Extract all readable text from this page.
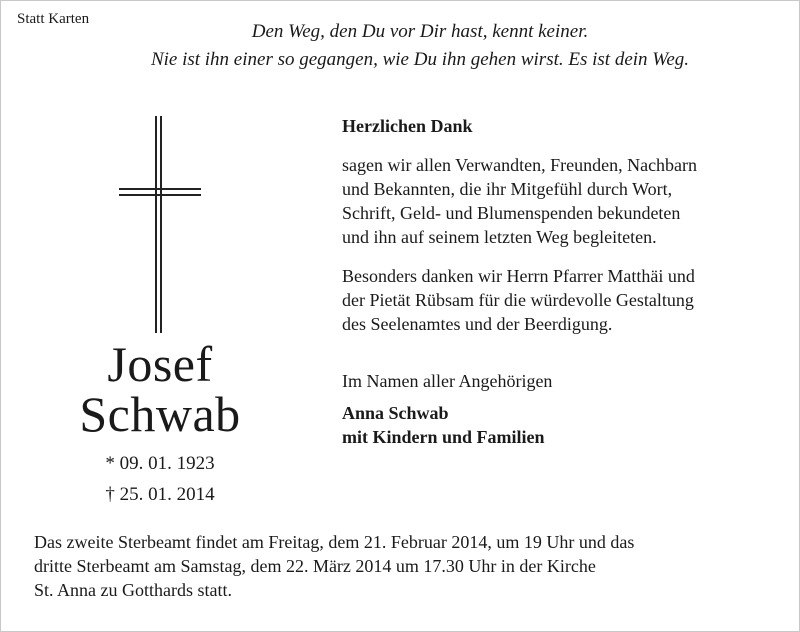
Statt Karten
Den Weg, den Du vor Dir hast, kennt keiner.
Nie ist ihn einer so gegangen, wie Du ihn gehen wirst. Es ist dein Weg.
Josef
Schwab
* 09. 01. 1923
† 25. 01. 2014
Herzlichen Dank
sagen wir allen Verwandten, Freunden, Nachbarn
und Bekannten, die ihr Mitgefühl durch Wort,
Schrift, Geld- und Blumenspenden bekundeten
und ihn auf seinem letzten Weg begleiteten.
Besonders danken wir Herrn Pfarrer Matthäi und
der Pietät Rübsam für die würdevolle Gestaltung
des Seelenamtes und der Beerdigung.
Im Namen aller Angehörigen
Anna Schwab
mit Kindern und Familien
Das zweite Sterbeamt findet am Freitag, dem 21. Februar 2014, um 19 Uhr und das
dritte Sterbeamt am Samstag, dem 22. März 2014 um 17.30 Uhr in der Kirche
St. Anna zu Gotthards statt.
